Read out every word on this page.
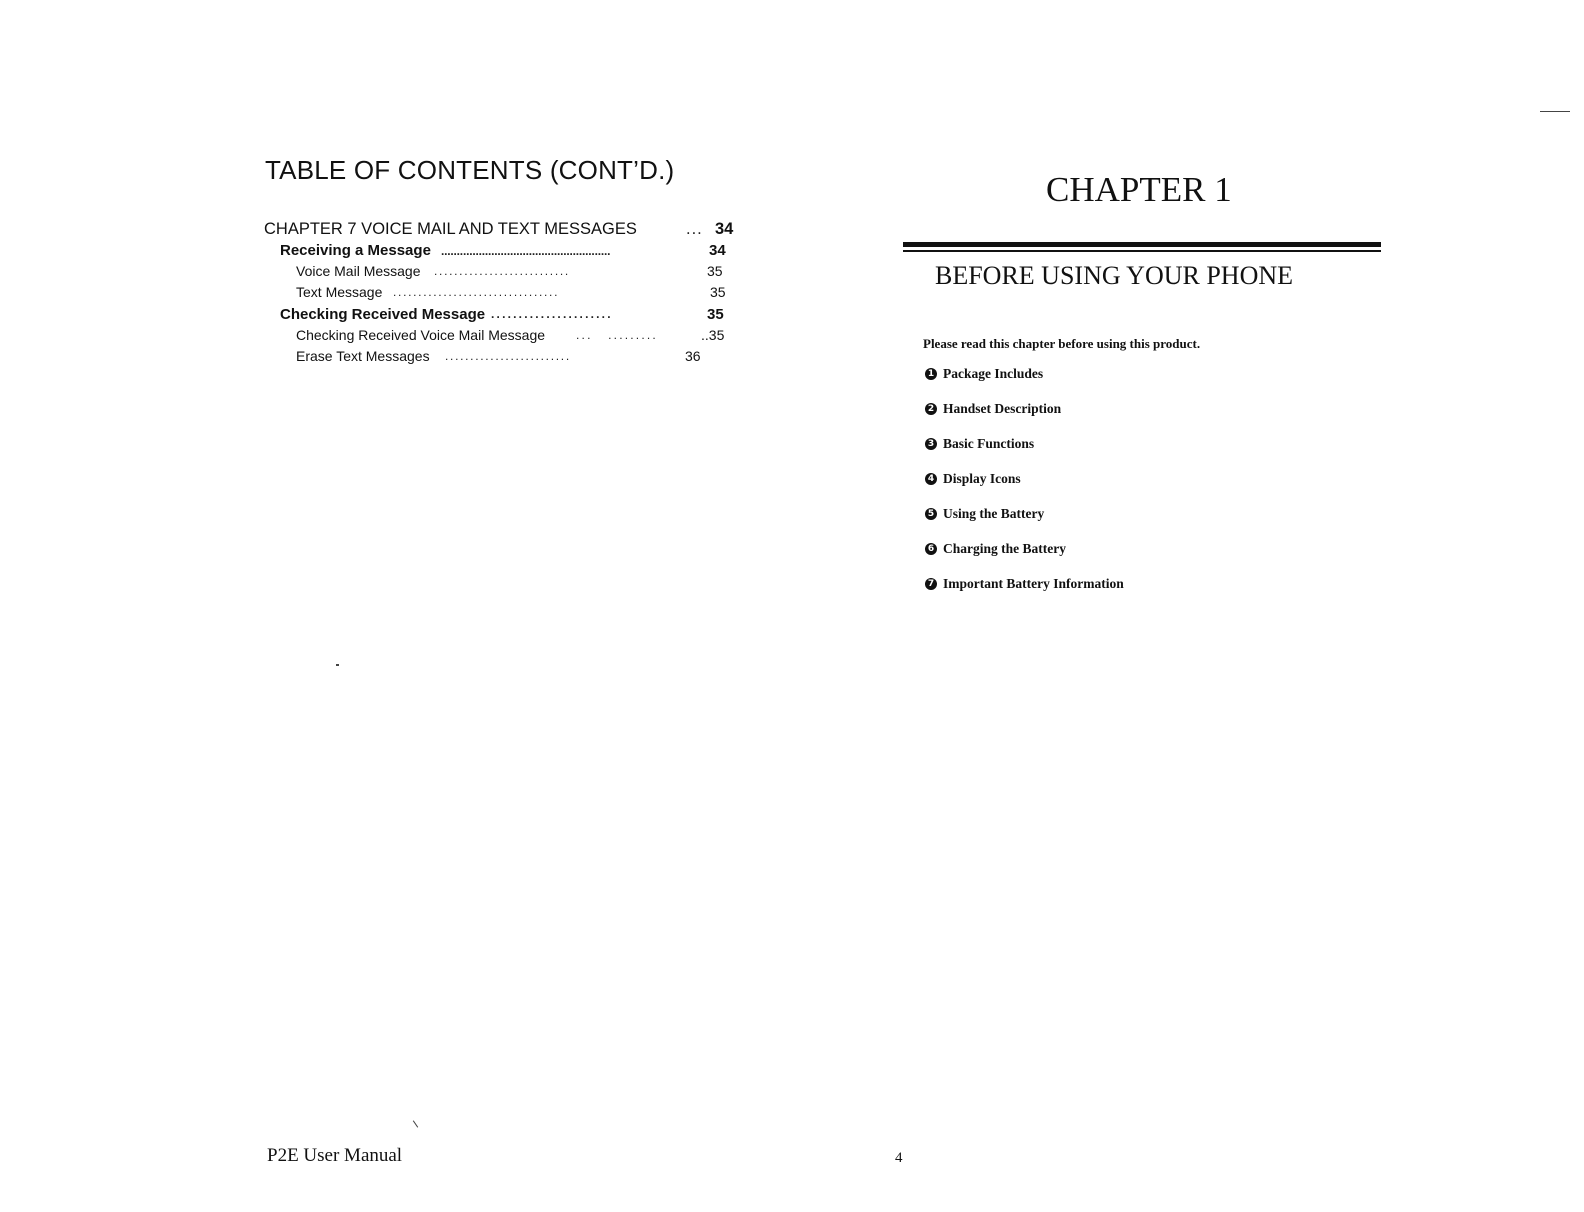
TABLE OF CONTENTS (CONT’D.)
CHAPTER 7 VOICE MAIL AND TEXT MESSAGES	... 34
Receiving a Message ......................................................	34
Voice Mail Message ...........................	35
Text Message .................................	35
Checking Received Message ......................	35
Checking Received Voice Mail Message	... .........	..35
Erase Text Messages .........................	36
CHAPTER 1
BEFORE USING YOUR PHONE
Please read this chapter before using this product.
1 Package Includes
2 Handset Description
3 Basic Functions
4 Display Icons
5 Using the Battery
6 Charging the Battery
7 Important Battery Information
P2E User Manual	4
